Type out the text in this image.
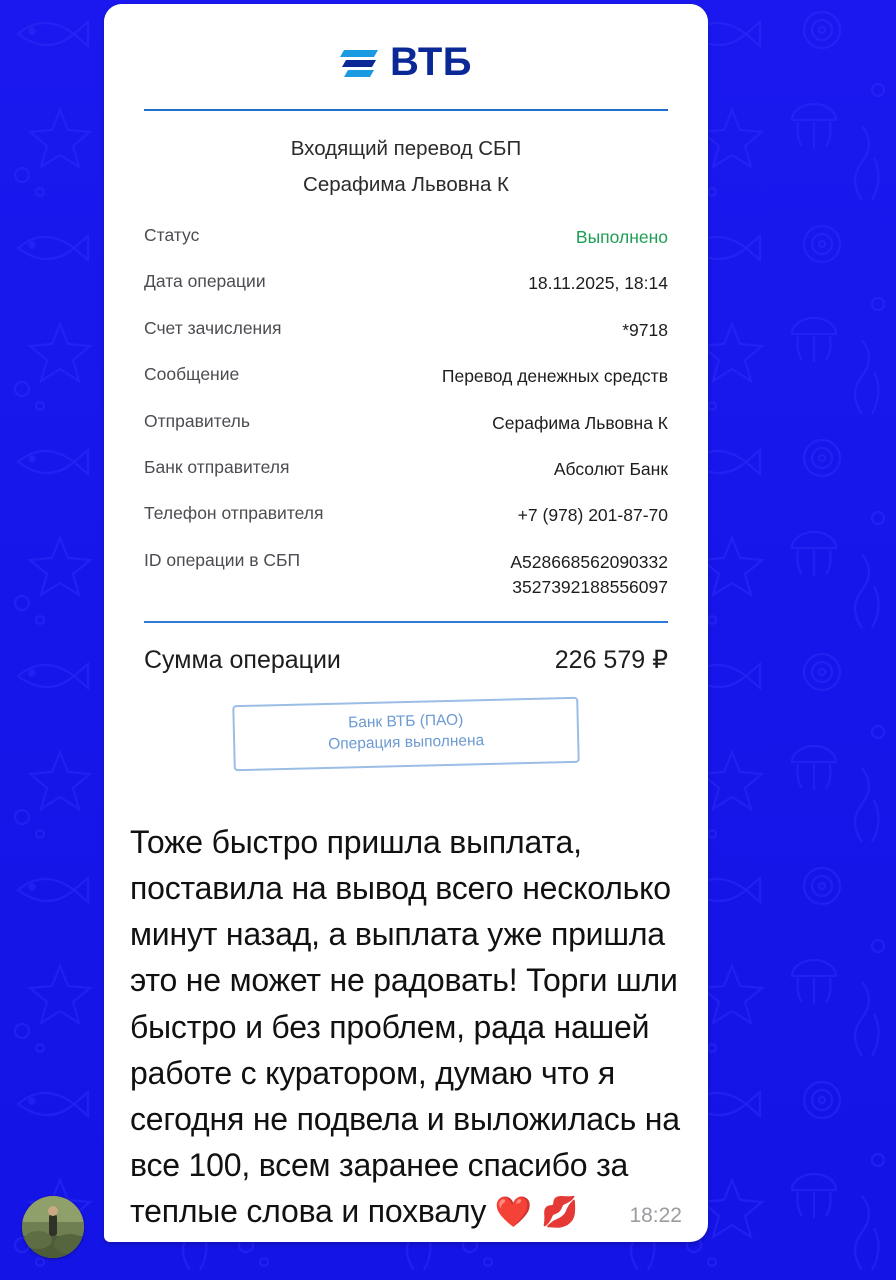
ВТБ
Входящий перевод СБП
Серафима Львовна К
Статус	Выполнено
Дата операции	18.11.2025, 18:14
Счет зачисления	*9718
Сообщение	Перевод денежных средств
Отправитель	Серафима Львовна К
Банк отправителя	Абсолют Банк
Телефон отправителя	+7 (978) 201-87-70
ID операции в СБП	A528668562090332
3527392188556097
Сумма операции	226 579 ₽
Банк ВТБ (ПАО)
Операция выполнена
Тоже быстро пришла выплата, поставила на вывод всего несколько минут назад, а выплата уже пришла это не может не радовать! Торги шли быстро и без проблем, рада нашей работе с куратором, думаю что я сегодня не подвела и выложилась на все 100, всем заранее спасибо за теплые слова и похвалу ❤️ 💋	18:22
